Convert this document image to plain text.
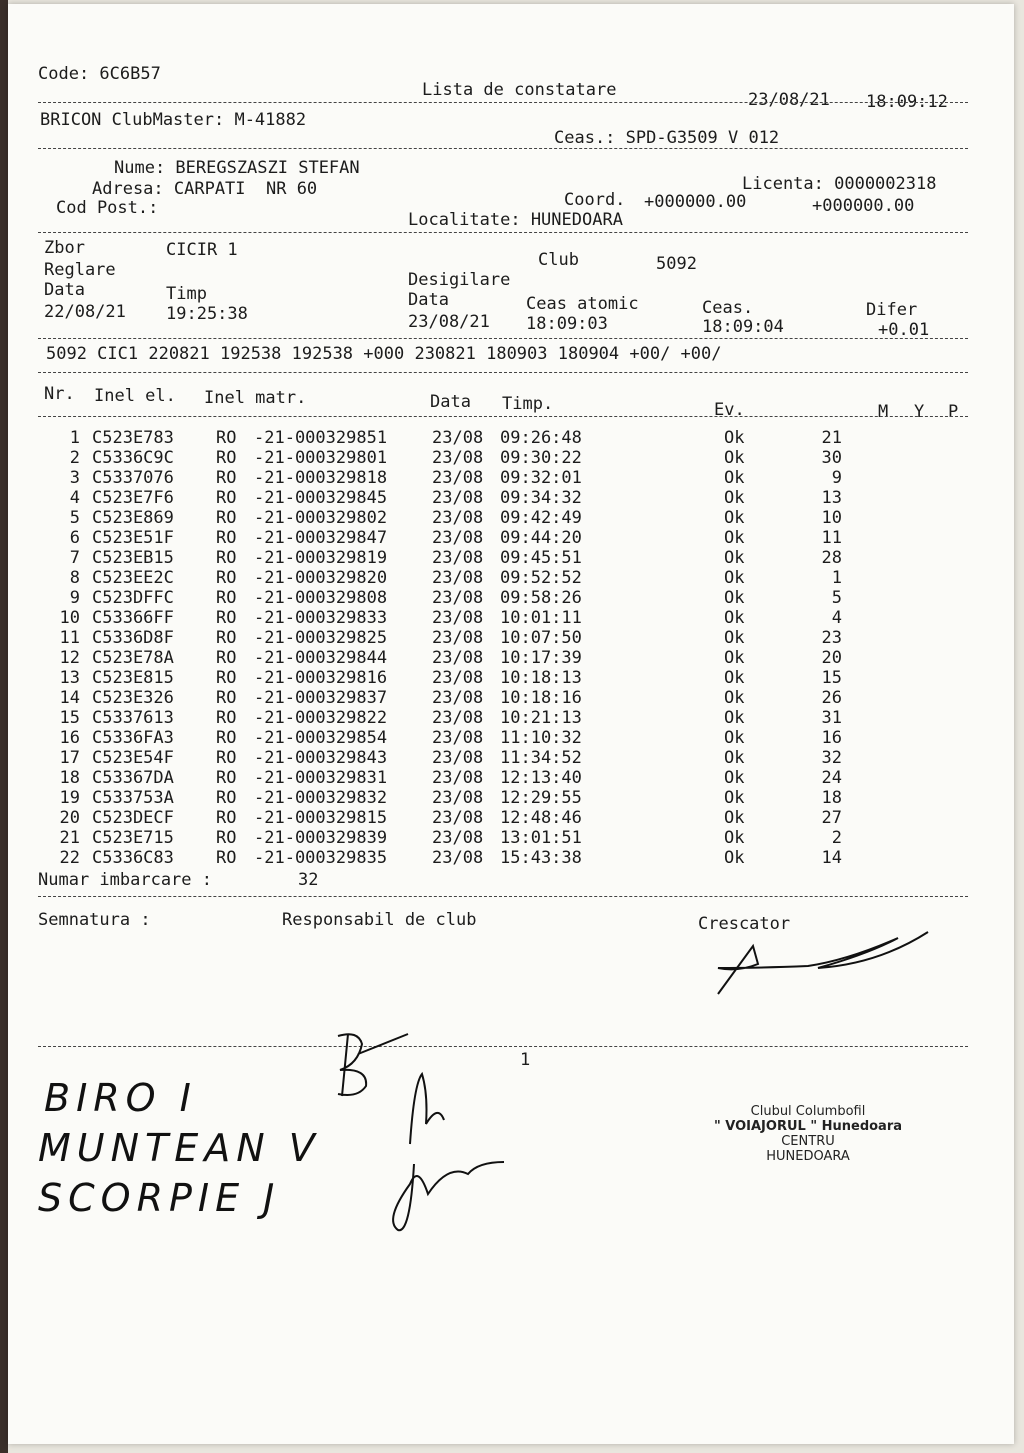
Code: 6C6B57
Lista de constatare	23/08/21 18:09:12
BRICON ClubMaster: M-41882
Ceas.: SPD-G3509 V 012
Nume: BEREGSZASZI STEFAN
Adresa: CARPATI  NR 60
Cod Post.:
Licenta: 0000002318
Coord. +000000.00	+000000.00
Localitate: HUNEDOARA
Zbor	CICIR 1	Club	5092
Reglare	Desigilare
Data	Timp	Data	Ceas atomic	Ceas.	Difer
22/08/21 19:25:38	23/08/21 18:09:03	18:09:04	+0.01
5092 CIC1 220821 192538 192538 +000 230821 180903 180904 +00/ +00/
Nr. Inel el. Inel matr.	Data Timp.	Ev.	M Y P
1 C523E783 RO -21-000329851	23/08 09:26:48	Ok	21
2 C5336C9C RO -21-000329801	23/08 09:30:22	Ok	30
3 C5337076 RO -21-000329818	23/08 09:32:01	Ok	9
4 C523E7F6 RO -21-000329845	23/08 09:34:32	Ok	13
5 C523E869 RO -21-000329802	23/08 09:42:49	Ok	10
6 C523E51F RO -21-000329847	23/08 09:44:20	Ok	11
7 C523EB15 RO -21-000329819	23/08 09:45:51	Ok	28
8 C523EE2C RO -21-000329820	23/08 09:52:52	Ok	1
9 C523DFFC RO -21-000329808	23/08 09:58:26	Ok	5
10 C53366FF RO -21-000329833	23/08 10:01:11	Ok	4
11 C5336D8F RO -21-000329825	23/08 10:07:50	Ok	23
12 C523E78A RO -21-000329844	23/08 10:17:39	Ok	20
13 C523E815 RO -21-000329816	23/08 10:18:13	Ok	15
14 C523E326 RO -21-000329837	23/08 10:18:16	Ok	26
15 C5337613 RO -21-000329822	23/08 10:21:13	Ok	31
16 C5336FA3 RO -21-000329854	23/08 11:10:32	Ok	16
17 C523E54F RO -21-000329843	23/08 11:34:52	Ok	32
18 C53367DA RO -21-000329831	23/08 12:13:40	Ok	24
19 C533753A RO -21-000329832	23/08 12:29:55	Ok	18
20 C523DECF RO -21-000329815	23/08 12:48:46	Ok	27
21 C523E715 RO -21-000329839	23/08 13:01:51	Ok	2
22 C5336C83 RO -21-000329835	23/08 15:43:38	Ok	14
Numar imbarcare :	32
Semnatura :	Responsabil de club	Crescator
1
BIRO I
MUNTEAN V
SCORPIE J
Clubul Columbofil
" VOIAJORUL " Hunedoara
CENTRU
HUNEDOARA
